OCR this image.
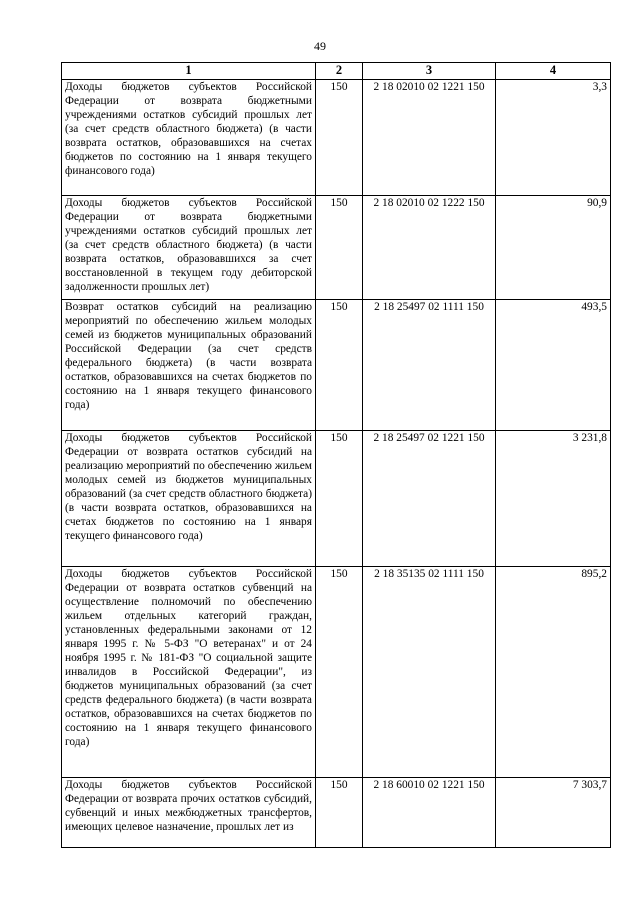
49
1	2	3	4
Доходы бюджетов субъектов Российской Федерации от возврата бюджетными учреждениями остатков субсидий прошлых лет (за счет средств областного бюджета) (в части возврата остатков, образовавшихся на счетах бюджетов по состоянию на 1 января текущего финансового года)	150	2 18 02010 02 1221 150	3,3
Доходы бюджетов субъектов Российской Федерации от возврата бюджетными учреждениями остатков субсидий прошлых лет (за счет средств областного бюджета) (в части возврата остатков, образовавшихся за счет восстановленной в текущем году дебиторской задолженности прошлых лет)	150	2 18 02010 02 1222 150	90,9
Возврат остатков субсидий на реализацию мероприятий по обеспечению жильем молодых семей из бюджетов муниципальных образований Российской Федерации (за счет средств федерального бюджета) (в части возврата остатков, образовавшихся на счетах бюджетов по состоянию на 1 января текущего финансового года)	150	2 18 25497 02 1111 150	493,5
Доходы бюджетов субъектов Российской Федерации от возврата остатков субсидий на реализацию мероприятий по обеспечению жильем молодых семей из бюджетов муниципальных образований (за счет средств областного бюджета) (в части возврата остатков, образовавшихся на счетах бюджетов по состоянию на 1 января текущего финансового года)	150	2 18 25497 02 1221 150	3 231,8
Доходы бюджетов субъектов Российской Федерации от возврата остатков субвенций на осуществление полномочий по обеспечению жильем отдельных категорий граждан, установленных федеральными законами от 12 января 1995 г. № 5-ФЗ "О ветеранах" и от 24 ноября 1995 г. № 181-ФЗ "О социальной защите инвалидов в Российской Федерации", из бюджетов муниципальных образований (за счет средств федерального бюджета) (в части возврата остатков, образовавшихся на счетах бюджетов по состоянию на 1 января текущего финансового года)	150	2 18 35135 02 1111 150	895,2
Доходы бюджетов субъектов Российской Федерации от возврата прочих остатков субсидий, субвенций и иных межбюджетных трансфертов, имеющих целевое назначение, прошлых лет из	150	2 18 60010 02 1221 150	7 303,7
